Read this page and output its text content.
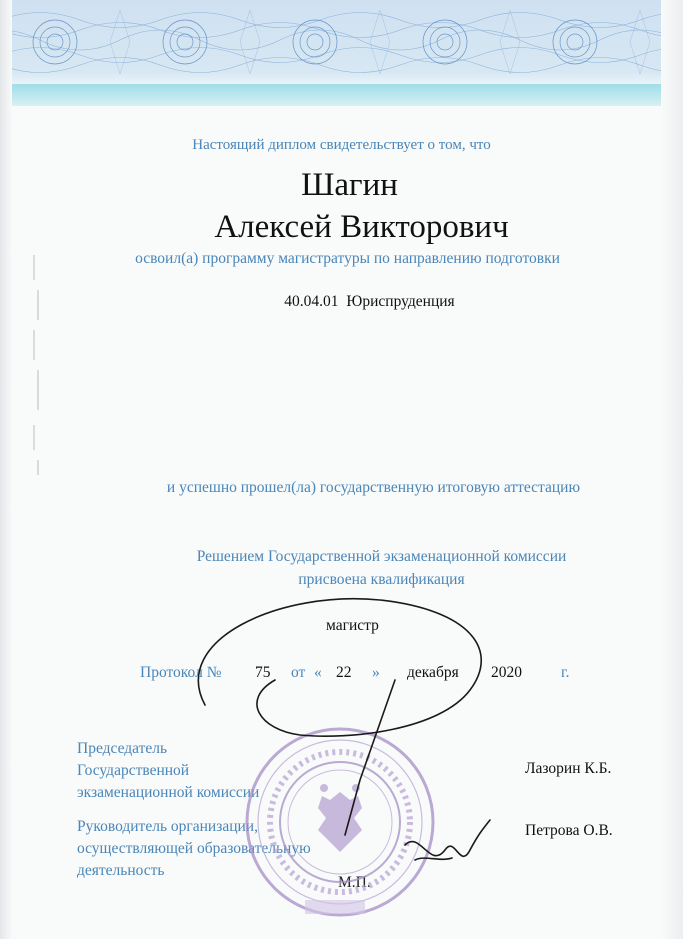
Настоящий диплом свидетельствует о том, что
Шагин
Алексей Викторович
освоил(а) программу магистратуры по направлению подготовки
40.04.01 Юриспруденция
и успешно прошел(ла) государственную итоговую аттестацию
Решением Государственной экзаменационной комиссии
присвоена квалификация
магистр
Протокол № 75 от « 22 » декабря 2020	г.
Председатель
Государственной
экзаменационной комиссии
Лазорин К.Б.
Руководитель организации,
осуществляющей образовательную
деятельность
Петрова О.В.
М.П.
